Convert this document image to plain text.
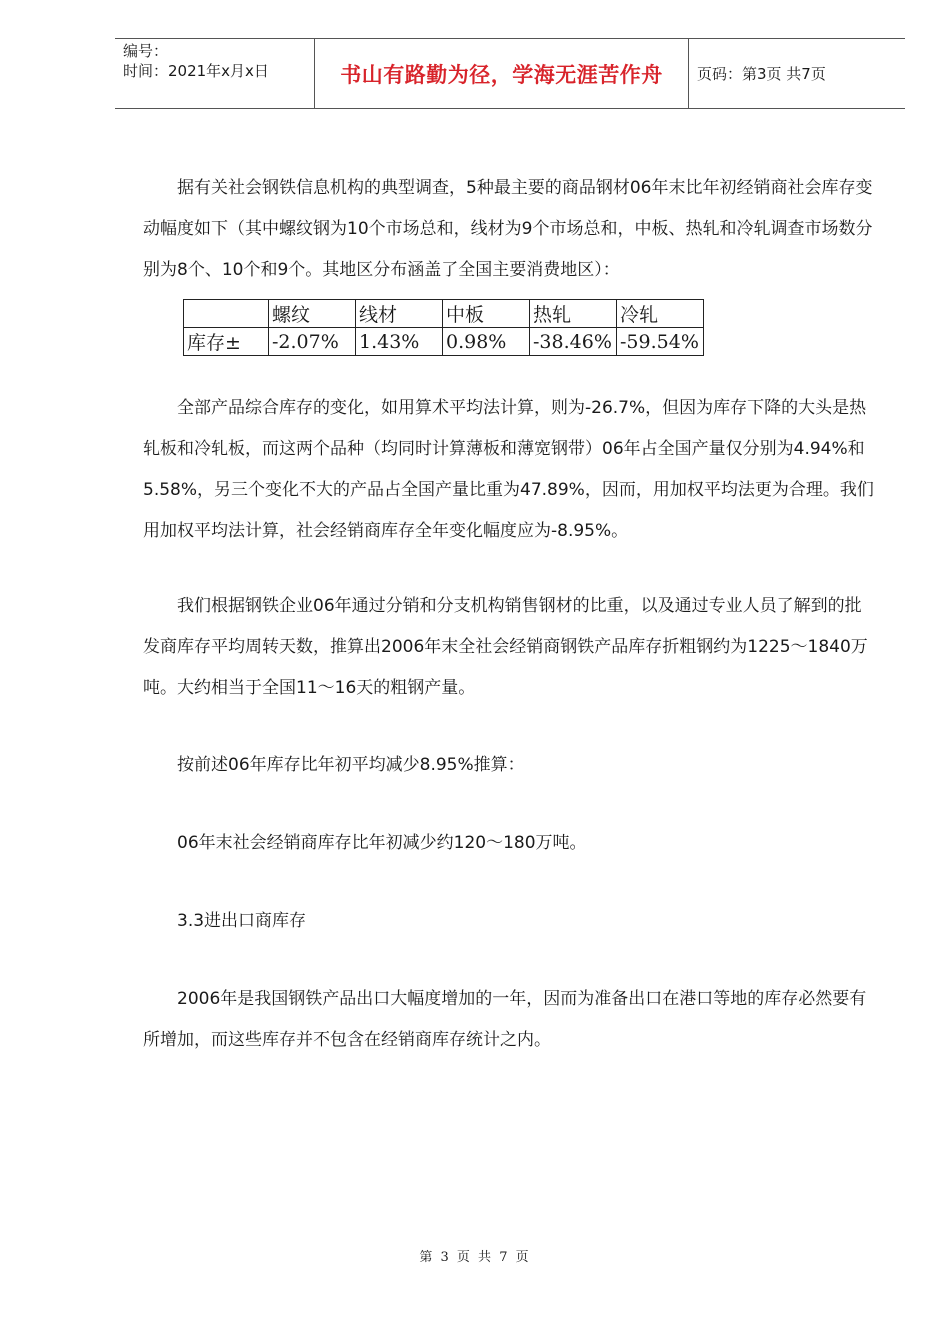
编号：
时间：2021年x月x日	书山有路勤为径，学海无涯苦作舟 页码：第3页 共7页

据有关社会钢铁信息机构的典型调查，5种最主要的商品钢材06年末比年初经销商社会库存变动幅度如下（其中螺纹钢为10个市场总和，线材为9个市场总和，中板、热轧和冷轧调查市场数分别为8个、10个和9个。其地区分布涵盖了全国主要消费地区）：

	螺纹	线材	中板	热轧	冷轧
库存±	-2.07%	1.43%	0.98%	-38.46%	-59.54%

全部产品综合库存的变化，如用算术平均法计算，则为-26.7%，但因为库存下降的大头是热轧板和冷轧板，而这两个品种（均同时计算薄板和薄宽钢带）06年占全国产量仅分别为4.94%和5.58%，另三个变化不大的产品占全国产量比重为47.89%，因而，用加权平均法更为合理。我们用加权平均法计算，社会经销商库存全年变化幅度应为-8.95%。

我们根据钢铁企业06年通过分销和分支机构销售钢材的比重，以及通过专业人员了解到的批发商库存平均周转天数，推算出2006年末全社会经销商钢铁产品库存折粗钢约为1225～1840万吨。大约相当于全国11～16天的粗钢产量。

按前述06年库存比年初平均减少8.95%推算：

06年末社会经销商库存比年初减少约120～180万吨。

3.3进出口商库存

2006年是我国钢铁产品出口大幅度增加的一年，因而为准备出口在港口等地的库存必然要有所增加，而这些库存并不包含在经销商库存统计之内。

第 3 页 共 7 页
